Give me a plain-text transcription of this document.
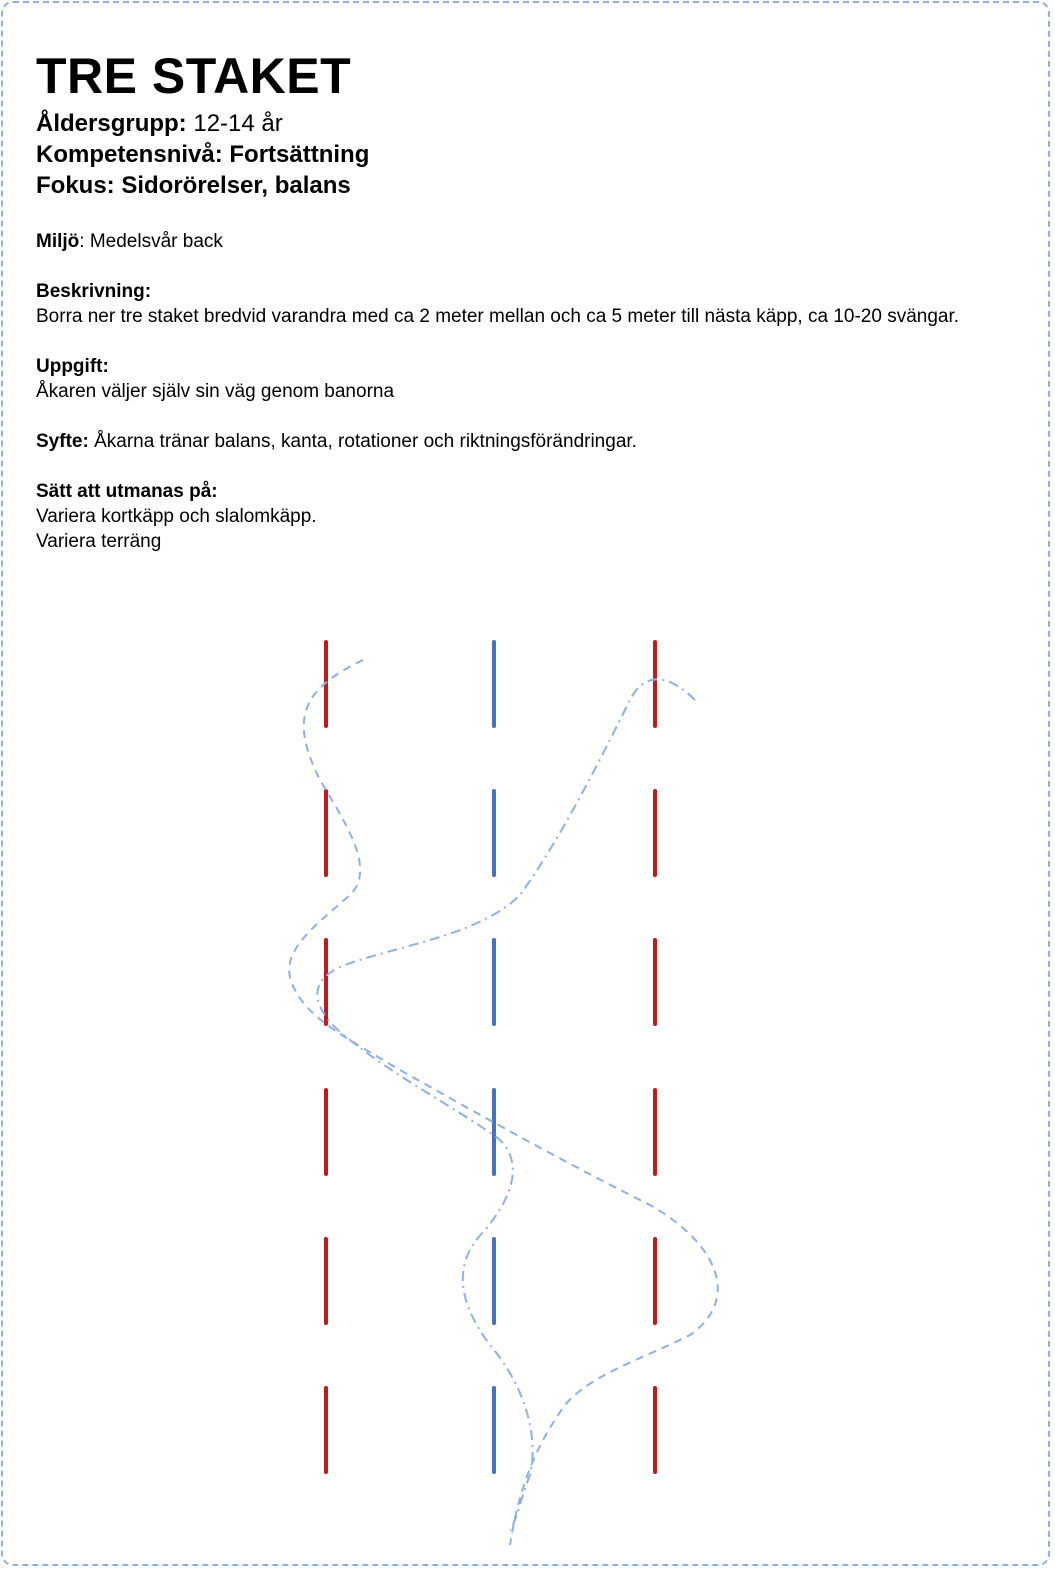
TRE STAKET
Åldersgrupp: 12-14 år
Kompetensnivå: Fortsättning
Fokus: Sidorörelser, balans
Miljö: Medelsvår back
Beskrivning:
Borra ner tre staket bredvid varandra med ca 2 meter mellan och ca 5 meter till nästa käpp, ca 10-20 svängar.
Uppgift:
Åkaren väljer själv sin väg genom banorna
Syfte: Åkarna tränar balans, kanta, rotationer och riktningsförändringar.
Sätt att utmanas på:
Variera kortkäpp och slalomkäpp.
Variera terräng
